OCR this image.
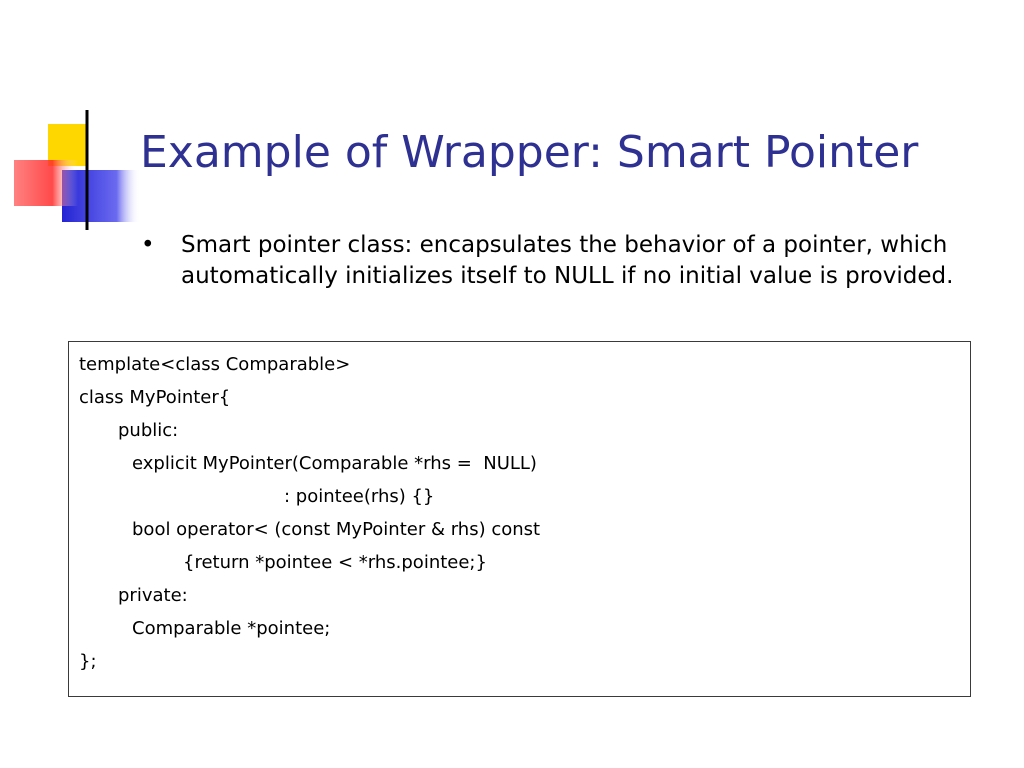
Example of Wrapper: Smart Pointer
•	Smart pointer class: encapsulates the behavior of a pointer, which automatically initializes itself to NULL if no initial value is provided.
template<class Comparable>
class MyPointer{
public:
explicit MyPointer(Comparable *rhs =  NULL)
: pointee(rhs) {}
bool operator< (const MyPointer & rhs) const
{return *pointee < *rhs.pointee;}
private:
Comparable *pointee;
};
